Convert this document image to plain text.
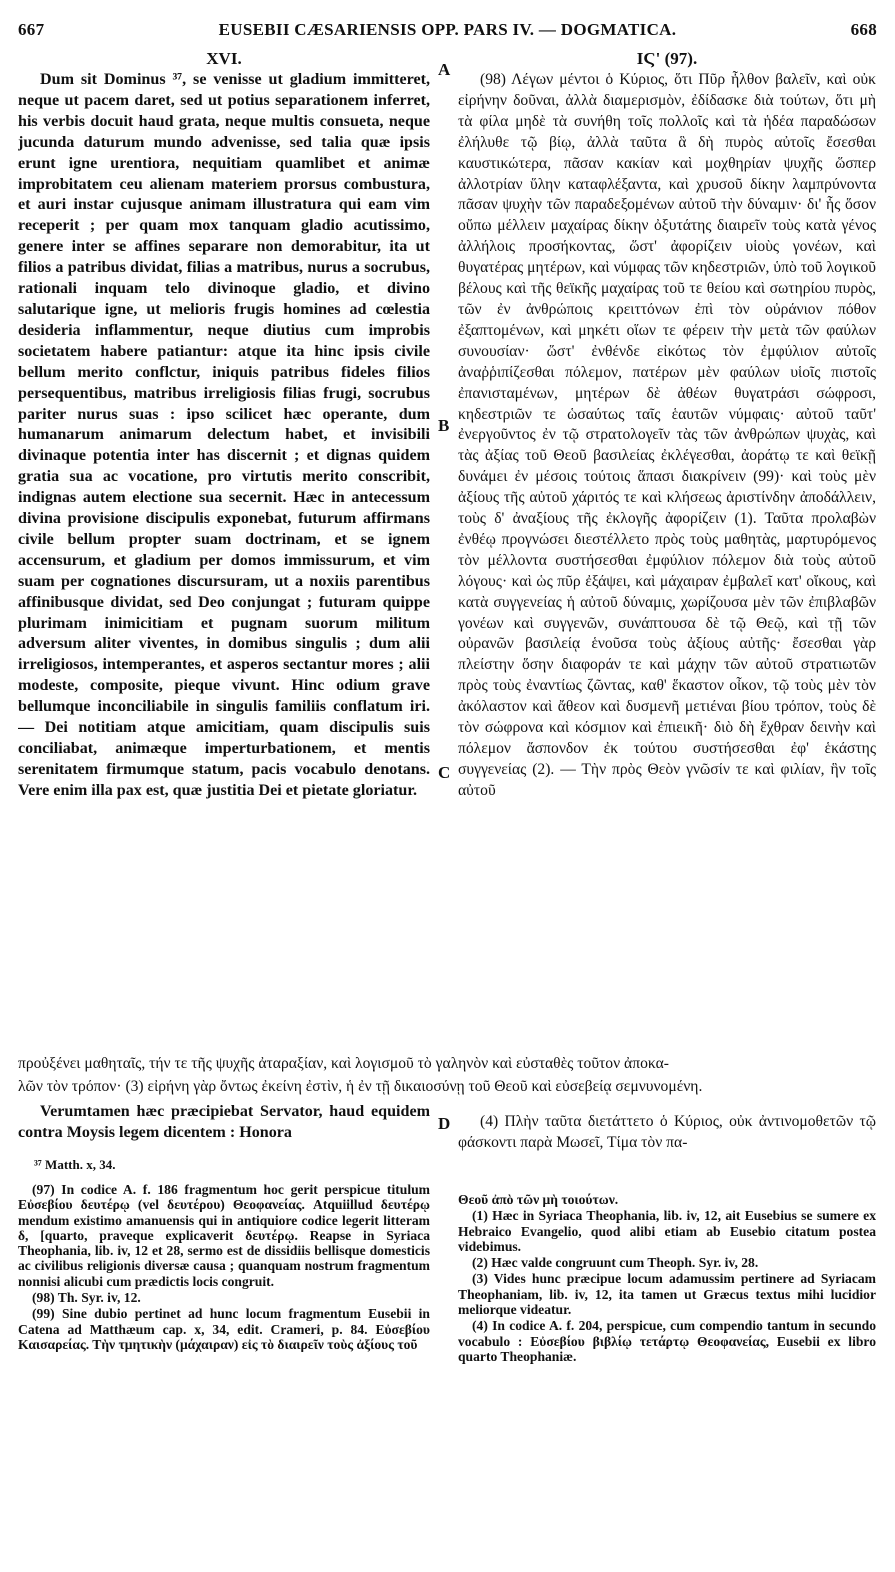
667	EUSEBII CÆSARIENSIS OPP. PARS IV. — DOGMATICA.	668
XVI.

Dum sit Dominus ³⁷, se venisse ut gladium immitteret, neque ut pacem daret, sed ut potius separationem inferret, his verbis docuit haud grata, neque multis consueta, neque jucunda daturum mundo advenisse, sed talia quæ ipsis erunt igne urentiora, nequitiam quamlibet et animæ improbitatem ceu alienam materiem prorsus combustura, et auri instar cujusque animam illustratura qui eam vim receperit ; per quam mox tanquam gladio acutissimo, genere inter se affines separare non demorabitur, ita ut filios a patribus dividat, filias a matribus, nurus a socrubus, rationali inquam telo divinoque gladio, et divino salutarique igne, ut melioris frugis homines ad cœlestia desideria inflammentur, neque diutius cum improbis societatem habere patiantur: atque ita hinc ipsis civile bellum merito conflctur, iniquis patribus fideles filios persequentibus, matribus irreligiosis filias frugi, socrubus pariter nurus suas : ipso scilicet hæc operante, dum humanarum animarum delectum habet, et invisibili divinaque potentia inter has discernit ; et dignas quidem gratia sua ac vocatione, pro virtutis merito conscribit, indignas autem electione sua secernit. Hæc in antecessum divina provisione discipulis exponebat, futurum affirmans civile bellum propter suam doctrinam, et se ignem accensurum, et gladium per domos immissurum, et vim suam per cognationes discursuram, ut a noxiis parentibus affinibusque dividat, sed Deo conjungat ; futuram quippe plurimam inimicitiam et pugnam suorum militum adversum aliter viventes, in domibus singulis ; dum alii irreligiosos, intemperantes, et asperos sectantur mores ; alii modeste, composite, pieque vivunt. Hinc odium grave bellumque inconciliabile in singulis familiis conflatum iri. — Dei notitiam atque amicitiam, quam discipulis suis conciliabat, animæque imperturbationem, et mentis serenitatem firmumque statum, pacis vocabulo denotans. Vere enim illa pax est, quæ justitia Dei et pietate gloriatur.

ΙϚ' (97).

(98) Λέγων μέντοι ὁ Κύριος, ὅτι Πῦρ ἦλθον βαλεῖν, καὶ οὐκ εἰρήνην δοῦναι, ἀλλὰ διαμερισμὸν, ἐδίδασκε διὰ τούτων, ὅτι μὴ τὰ φίλα μηδὲ τὰ συνήθη τοῖς πολλοῖς καὶ τὰ ἡδέα παραδώσων ἐλήλυθε τῷ βίῳ, ἀλλὰ ταῦτα ἃ δὴ πυρὸς αὐτοῖς ἔσεσθαι καυστικώτερα, πᾶσαν κακίαν καὶ μοχθηρίαν ψυχῆς ὥσπερ ἀλλοτρίαν ὕλην καταφλέξαντα, καὶ χρυσοῦ δίκην λαμπρύνοντα πᾶσαν ψυχὴν τῶν παραδεξομένων αὐτοῦ τὴν δύναμιν· δι' ἧς ὅσον οὔπω μέλλειν μαχαίρας δίκην ὀξυτάτης διαιρεῖν τοὺς κατὰ γένος ἀλλήλοις προσήκοντας, ὥστ' ἀφορίζειν υἱοὺς γονέων, καὶ θυγατέρας μητέρων, καὶ νύμφας τῶν κηδεστριῶν, ὑπὸ τοῦ λογικοῦ βέλους καὶ τῆς θεϊκῆς μαχαίρας τοῦ τε θείου καὶ σωτηρίου πυρὸς, τῶν ἐν ἀνθρώποις κρειττόνων ἐπὶ τὸν οὐράνιον πόθον ἐξαπτομένων, καὶ μηκέτι οἵων τε φέρειν τὴν μετὰ τῶν φαύλων συνουσίαν· ὥστ' ἐνθένδε εἰκότως τὸν ἐμφύλιον αὐτοῖς ἀναῤῥιπίζεσθαι πόλεμον, πατέρων μὲν φαύλων υἱοῖς πιστοῖς ἐπανισταμένων, μητέρων δὲ ἀθέων θυγατράσι σώφροσι, κηδεστριῶν τε ὡσαύτως ταῖς ἑαυτῶν νύμφαις· αὐτοῦ ταῦτ' ἐνεργοῦντος ἐν τῷ στρατολογεῖν τὰς τῶν ἀνθρώπων ψυχὰς, καὶ τὰς ἀξίας τοῦ Θεοῦ βασιλείας ἐκλέγεσθαι, ἀοράτῳ τε καὶ θεϊκῇ δυνάμει ἐν μέσοις τούτοις ἅπασι διακρίνειν (99)· καὶ τοὺς μὲν ἀξίους τῆς αὐτοῦ χάριτός τε καὶ κλήσεως ἀριστίνδην ἀποδάλλειν, τοὺς δ' ἀναξίους τῆς ἐκλογῆς ἀφορίζειν (1). Ταῦτα προλαβὼν ἐνθέῳ προγνώσει διεστέλλετο πρὸς τοὺς μαθητὰς, μαρτυρόμενος τὸν μέλλοντα συστήσεσθαι ἐμφύλιον πόλεμον διὰ τοὺς αὐτοῦ λόγους· καὶ ὡς πῦρ ἐξάψει, καὶ μάχαιραν ἐμβαλεῖ κατ' οἴκους, καὶ κατὰ συγγενείας ἡ αὐτοῦ δύναμις, χωρίζουσα μὲν τῶν ἐπιβλαβῶν γονέων καὶ συγγενῶν, συνάπτουσα δὲ τῷ Θεῷ, καὶ τῇ τῶν οὐρανῶν βασιλείᾳ ἑνοῦσα τοὺς ἀξίους αὐτῆς· ἔσεσθαι γὰρ πλείστην ὅσην διαφοράν τε καὶ μάχην τῶν αὐτοῦ στρατιωτῶν πρὸς τοὺς ἐναντίως ζῶντας, καθ' ἕκαστον οἶκον, τῷ τοὺς μὲν τὸν ἀκόλαστον καὶ ἄθεον καὶ δυσμενῆ μετιέναι βίου τρόπον, τοὺς δὲ τὸν σώφρονα καὶ κόσμιον καὶ ἐπιεικῆ· διὸ δὴ ἔχθραν δεινὴν καὶ πόλεμον ἄσπονδον ἐκ τούτου συστήσεσθαι ἐφ' ἑκάστης συγγενείας (2). — Τὴν πρὸς Θεὸν γνῶσίν τε καὶ φιλίαν, ἣν τοῖς αὐτοῦ

A
B
C
D
προὐξένει μαθηταῖς, τήν τε τῆς ψυχῆς ἀταραξίαν, καὶ λογισμοῦ τὸ γαληνὸν καὶ εὐσταθὲς τοῦτον ἀποκα-
λῶν τὸν τρόπον· (3) εἰρήνη γὰρ ὄντως ἐκείνη ἐστὶν, ἡ ἐν τῇ δικαιοσύνῃ τοῦ Θεοῦ καὶ εὐσεβείᾳ σεμνυνομένη.

Verumtamen hæc præcipiebat Servator, haud equidem contra Moysis legem dicentem : Honora

(4) Πλὴν ταῦτα διετάττετο ὁ Κύριος, οὐκ ἀντινομοθετῶν τῷ φάσκοντι παρὰ Μωσεῖ, Τίμα τὸν πα-

³⁷ Matth. x, 34.

(97) In codice A. f. 186 fragmentum hoc gerit perspicue titulum Εὐσεβίου δευτέρῳ (vel δευτέρου) Θεοφανείας. Atquiillud δευτέρῳ mendum existimo amanuensis qui in antiquiore codice legerit litteram δ, [quarto, praveque explicaverit δευτέρῳ. Reapse in Syriaca Theophania, lib. iv, 12 et 28, sermo est de dissidiis bellisque domesticis ac civilibus religionis diversæ causa ; quanquam nostrum fragmentum nonnisi alicubi cum prædictis locis congruit.

(98) Th. Syr. iv, 12.

(99) Sine dubio pertinet ad hunc locum fragmentum Eusebii in Catena ad Matthæum cap. x, 34, edit. Crameri, p. 84. Εὐσεβίου Καισαρείας. Τὴν τμητικὴν (μάχαιραν) εἰς τὸ διαιρεῖν τοὺς ἀξίους τοῦ

Θεοῦ ἀπὸ τῶν μὴ τοιούτων.

(1) Hæc in Syriaca Theophania, lib. iv, 12, ait Eusebius se sumere ex Hebraico Evangelio, quod alibi etiam ab Eusebio citatum postea videbimus.

(2) Hæc valde congruunt cum Theoph. Syr. iv, 28.

(3) Vides hunc præcipue locum adamussim pertinere ad Syriacam Theophaniam, lib. iv, 12, ita tamen ut Græcus textus mihi lucidior meliorque videatur.

(4) In codice A. f. 204, perspicue, cum compendio tantum in secundo vocabulo : Εὐσεβίου βιβλίῳ τετάρτῳ Θεοφανείας, Eusebii ex libro quarto Theophaniæ.
